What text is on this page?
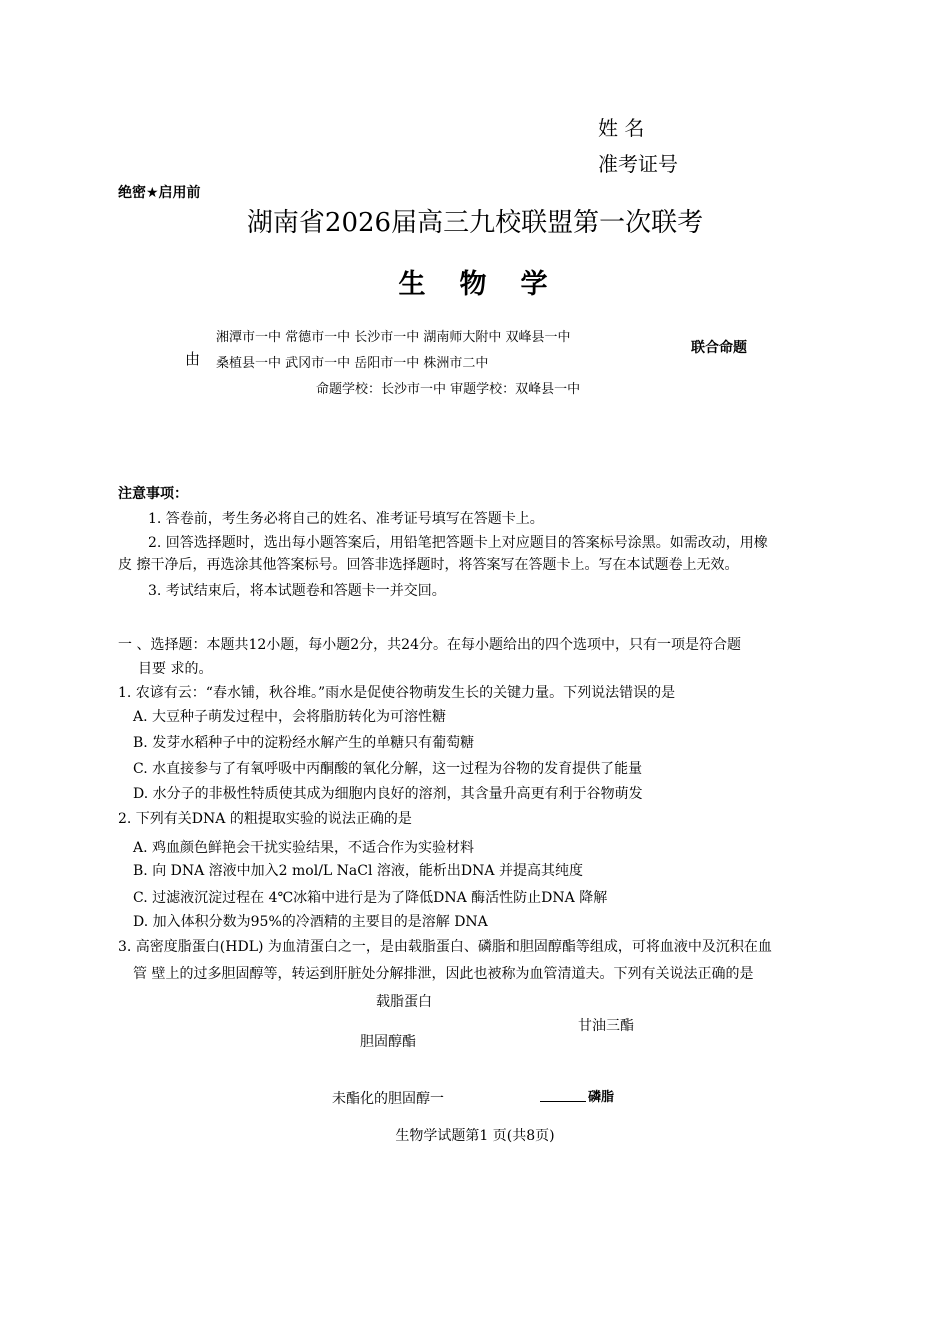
姓 名
准考证号
绝密★启用前
湖南省2026届高三九校联盟第一次联考
生物学
由
湘潭市一中 常德市一中 长沙市一中 湖南师大附中 双峰县一中
桑植县一中 武冈市一中 岳阳市一中 株洲市二中
命题学校：长沙市一中 审题学校：双峰县一中
联合命题
注意事项：
1. 答卷前，考生务必将自己的姓名、准考证号填写在答题卡上。
2. 回答选择题时，选出每小题答案后，用铅笔把答题卡上对应题目的答案标号涂黑。如需改动，用橡
皮 擦干净后，再选涂其他答案标号。回答非选择题时，将答案写在答题卡上。写在本试题卷上无效。
3. 考试结束后，将本试题卷和答题卡一并交回。
一 、选择题：本题共12小题，每小题2分，共24分。在每小题给出的四个选项中，只有一项是符合题
目要 求的。
1. 农谚有云：“春水铺，秋谷堆。”雨水是促使谷物萌发生长的关键力量。下列说法错误的是
A. 大豆种子萌发过程中，会将脂肪转化为可溶性糖
B. 发芽水稻种子中的淀粉经水解产生的单糖只有葡萄糖
C. 水直接参与了有氧呼吸中丙酮酸的氧化分解，这一过程为谷物的发育提供了能量
D. 水分子的非极性特质使其成为细胞内良好的溶剂，其含量升高更有利于谷物萌发
2. 下列有关DNA 的粗提取实验的说法正确的是
A. 鸡血颜色鲜艳会干扰实验结果，不适合作为实验材料
B. 向 DNA 溶液中加入2 mol/L NaCl 溶液，能析出DNA 并提高其纯度
C. 过滤液沉淀过程在 4℃冰箱中进行是为了降低DNA 酶活性防止DNA 降解
D. 加入体积分数为95%的冷酒精的主要目的是溶解 DNA
3. 高密度脂蛋白(HDL) 为血清蛋白之一，是由载脂蛋白、磷脂和胆固醇酯等组成，可将血液中及沉积在血
管 壁上的过多胆固醇等，转运到肝脏处分解排泄，因此也被称为血管清道夫。下列有关说法正确的是
载脂蛋白
甘油三酯
胆固醇酯
未酯化的胆固醇一	磷脂
生物学试题第1 页(共8页)
